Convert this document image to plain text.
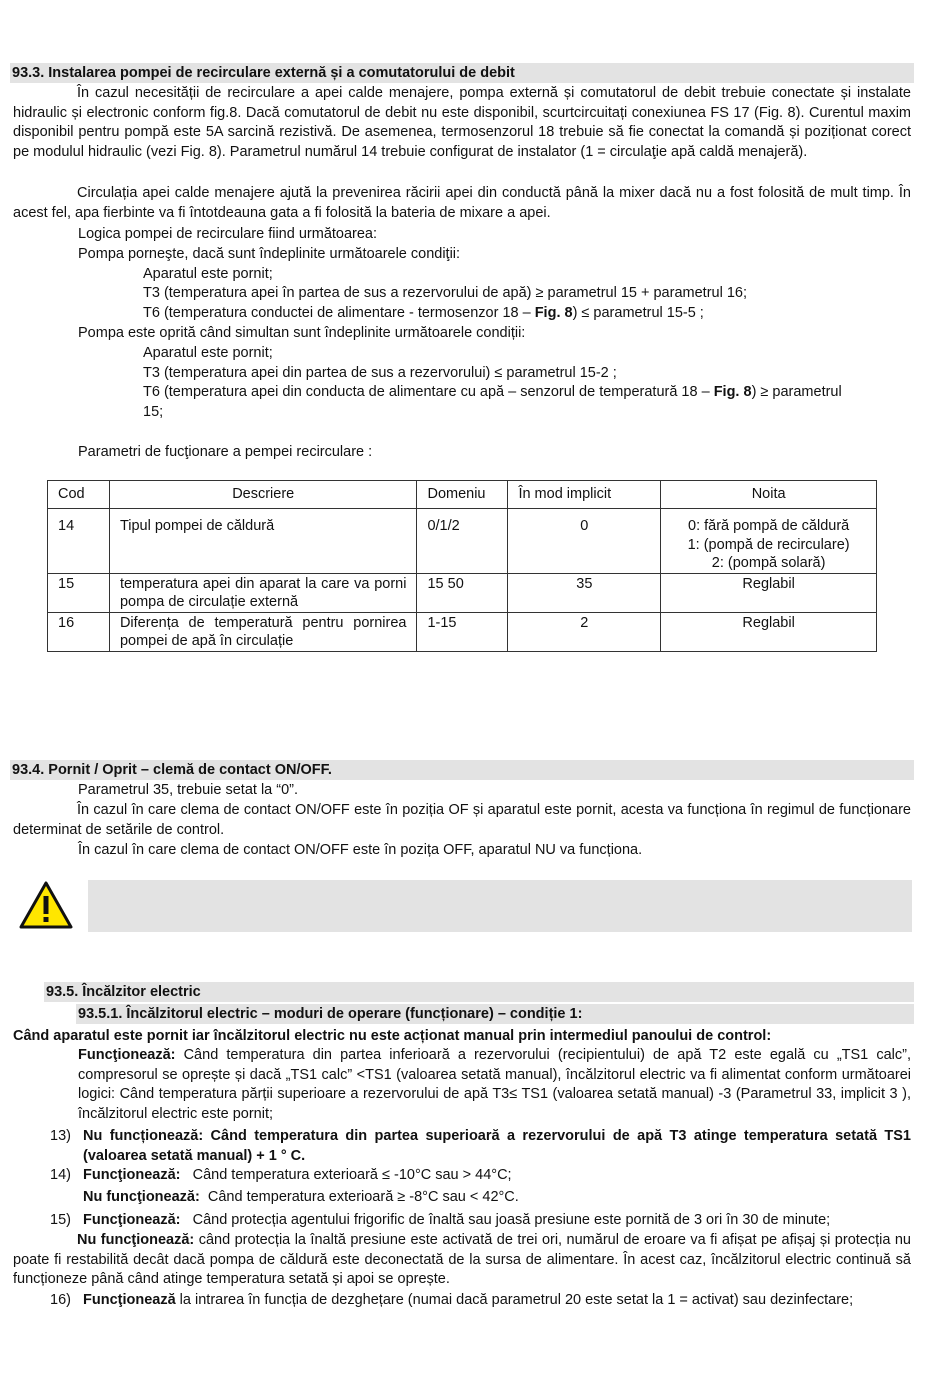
93.3. Instalarea pompei de recirculare externă și a comutatorului de debit
În cazul necesității de recirculare a apei calde menajere, pompa externă și comutatorul de debit trebuie conectate și instalate hidraulic și electronic conform fig.8. Dacă comutatorul de debit nu este disponibil, scurtcircuitați conexiunea FS 17 (Fig. 8). Curentul maxim disponibil pentru pompă este 5A sarcină rezistivă. De asemenea, termosenzorul 18 trebuie să fie conectat la comandă și poziționat corect pe modulul hidraulic (vezi Fig. 8). Parametrul numărul 14 trebuie configurat de instalator (1 = circulaţie apă caldă menajeră).
Circulația apei calde menajere ajută la prevenirea răcirii apei din conductă până la mixer dacă nu a fost folosită de mult timp. În acest fel, apa fierbinte va fi întotdeauna gata a fi folosită la bateria de mixare a apei.
Logica pompei de recirculare fiind următoarea:
Pompa porneşte, dacă sunt îndeplinite următoarele condiţii:
Aparatul este pornit;
T3 (temperatura apei în partea de sus a rezervorului de apă) ≥ parametrul 15 + parametrul 16;
T6 (temperatura conductei de alimentare - termosenzor 18 – Fig. 8) ≤ parametrul 15-5 ;
Pompa este oprită când simultan sunt îndeplinite următoarele condiții:
Aparatul este pornit;
T3 (temperatura apei din partea de sus a rezervorului) ≤ parametrul 15-2 ;
T6 (temperatura apei din conducta de alimentare cu apă – senzorul de temperatură 18 – Fig. 8) ≥ parametrul
15;
Parametri de fucţionare a pempei recirculare :
Cod	Descriere	Domeniu	În mod implicit	Noita
14	Tipul pompei de căldură	0/1/2	0	0: fără pompă de căldură
1: (pompă de recirculare)
2: (pompă solară)

15	temperatura apei din aparat la care va porni pompa de circulație externă	15 50	35	Reglabil
16	Diferența de temperatură pentru pornirea pompei de apă în circulație	1-15	2	Reglabil
93.4. Pornit / Oprit – clemă de contact ON/OFF.
Parametrul 35, trebuie setat la “0”.
În cazul în care clema de contact ON/OFF este în poziția OF și aparatul este pornit, acesta va funcționa în regimul de funcționare determinat de setările de control.
În cazul în care clema de contact ON/OFF este în pozița OFF, aparatul NU va funcționa.
93.5. Încălzitor electric
93.5.1. Încălzitorul electric – moduri de operare (funcționare) – condiție 1:
Când aparatul este pornit iar încălzitorul electric nu este acționat manual prin intermediul panoului de control:
Funcţionează: Când temperatura din partea inferioară a rezervorului (recipientului) de apă T2 este egală cu „TS1 calc”, compresorul se oprește și dacă „TS1 calc” <TS1 (valoarea setată manual), încălzitorul electric va fi alimentat conform următoarei logici: Când temperatura părții superioare a rezervorului de apă T3≤ TS1 (valoarea setată manual) -3 (Parametrul 33, implicit 3 ), încălzitorul electric este pornit;
13) Nu funcționează: Când temperatura din partea superioară a rezervorului de apă T3 atinge temperatura setată TS1 (valoarea setată manual) + 1 ° C.
14) Funcţionează: Când temperatura exterioară ≤ -10°C sau > 44°C;
Nu funcţionează: Când temperatura exterioară ≥ -8°C sau < 42°C.
15) Funcţionează: Când protecția agentului frigorific de înaltă sau joasă presiune este pornită de 3 ori în 30 de minute;
Nu funcţionează: când protecția la înaltă presiune este activată de trei ori, numărul de eroare va fi afișat pe afișaj și protecția nu poate fi restabilită decât dacă pompa de căldură este deconectată de la sursa de alimentare. În acest caz, încălzitorul electric continuă să funcționeze până când atinge temperatura setată și apoi se oprește.
16) Funcţionează la intrarea în funcția de dezghețare (numai dacă parametrul 20 este setat la 1 = activat) sau dezinfectare;
